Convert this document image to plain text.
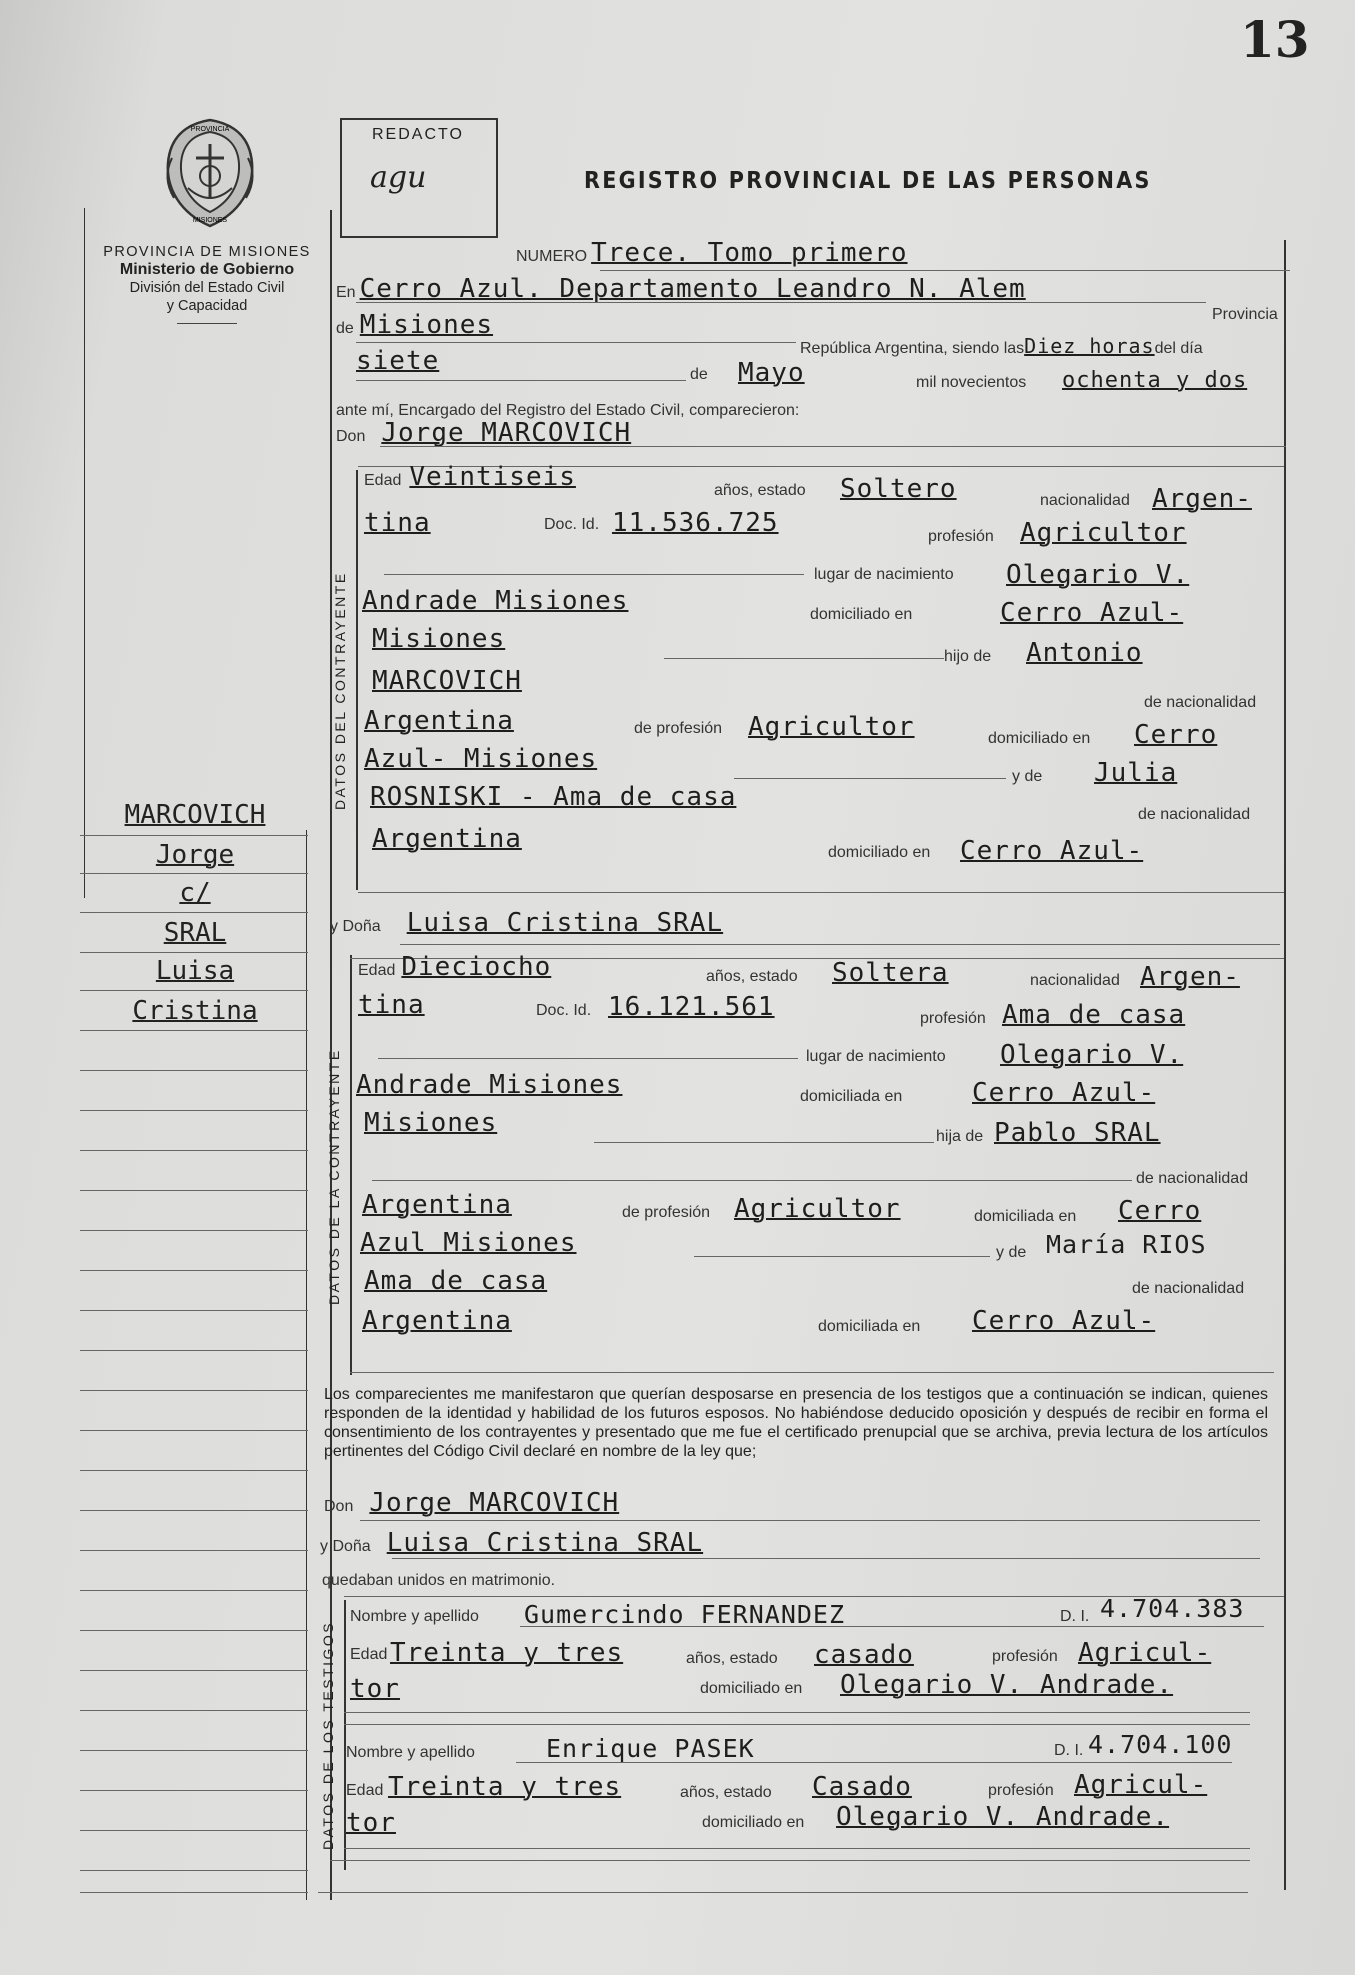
13
PROVINCIA
MISIONES
PROVINCIA DE MISIONES
Ministerio de Gobierno
División del Estado Civil
y Capacidad
REDACTO
agu	REGISTRO PROVINCIAL DE LAS PERSONAS
DATOS DEL CONTRAYENTE
DATOS DE LA CONTRAYENTE
DATOS DE LOS TESTIGOS
NUMERO Trece. Tomo primero
En Cerro Azul. Departamento Leandro N. Alem
Provincia
de Misiones
República Argentina, siendo lasDiez horasdel día
siete	de Mayo	mil novecientos ochenta y dos
ante mí, Encargado del Registro del Estado Civil, comparecieron:
Don Jorge MARCOVICH
Edad Veintiseis	años, estado Soltero	nacionalidad Argen-
tina	Doc. Id. 11.536.725	profesión Agricultor
lugar de nacimiento Olegario V.
Andrade Misiones	domiciliado en	Cerro Azul-
Misiones
hijo de Antonio
MARCOVICH
de nacionalidad
Argentina	de profesión Agricultor	domiciliado en Cerro
Azul- Misiones
y de Julia
ROSNISKI - Ama de casa
de nacionalidad
Argentina	domiciliado en Cerro Azul-
y Doña Luisa Cristina SRAL
Edad Dieciocho	años, estado Soltera	nacionalidad Argen-
tina	Doc. Id. 16.121.561	profesión Ama de casa
lugar de nacimiento Olegario V.
Andrade Misiones	domiciliada en	Cerro Azul-
Misiones	hija de Pablo SRAL
de nacionalidad
Argentina	de profesión Agricultor	domiciliada en Cerro
Azul Misiones	y de María RIOS
Ama de casa	de nacionalidad
Argentina	domiciliada en Cerro Azul-
Los comparecientes me manifestaron que querían desposarse en presencia de los testigos que a continuación se indican, quienes responden de la identidad y habilidad de los futuros esposos. No habiéndose deducido oposición y después de recibir en forma el consentimiento de los contrayentes y presentado que me fue el certificado prenupcial que se archiva, previa lectura de los artículos pertinentes del Código Civil declaré en nombre de la ley que;
Don Jorge MARCOVICH
y Doña Luisa Cristina SRAL
quedaban unidos en matrimonio.
Nombre y apellido Gumercindo FERNANDEZ	D. I. 4.704.383
Edad Treinta y tres	años, estado casado	profesión Agricul-
tor	domiciliado en Olegario V. Andrade.
Nombre y apellido	Enrique PASEK	D. I. 4.704.100
Edad Treinta y tres	años, estado Casado	profesión Agricul-
tor	domiciliado en Olegario V. Andrade.
MARCOVICH
Jorge
c/
SRAL
Luisa
Cristina
